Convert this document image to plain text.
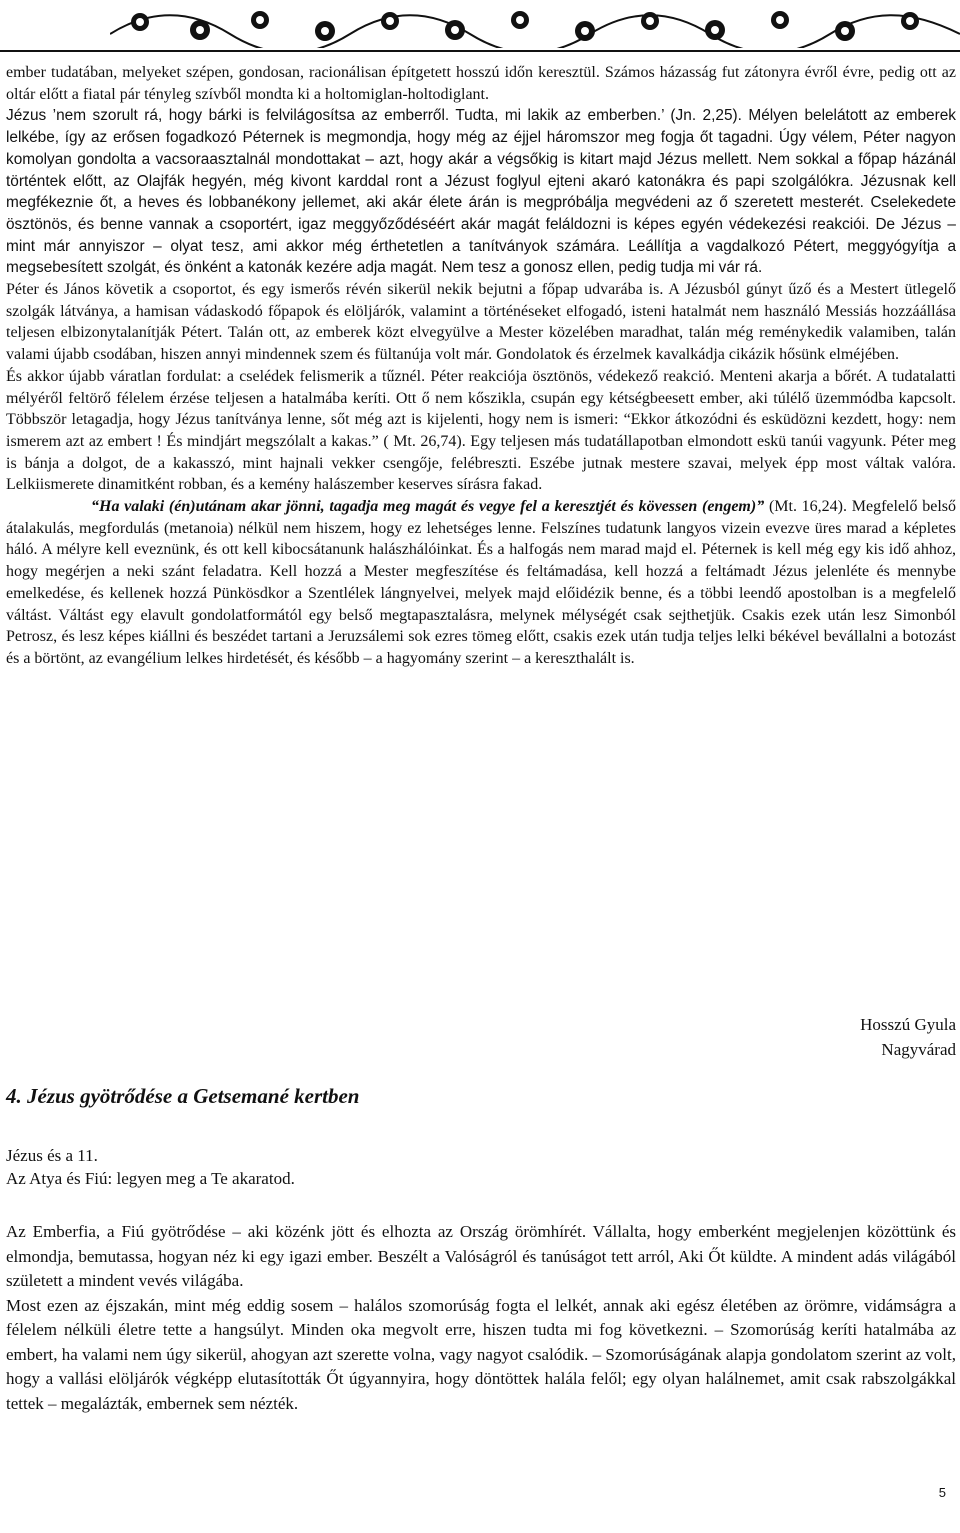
ember tudatában, melyeket szépen, gondosan, racionálisan építgetett hosszú időn keresztül. Számos házasság fut zátonyra évről évre, pedig ott az oltár előtt a fiatal pár tényleg szívből mondta ki a holtomiglan-holtodiglant.

Jézus ’nem szorult rá, hogy bárki is felvilágosítsa az emberről. Tudta, mi lakik az emberben.’ (Jn. 2,25). Mélyen belelátott az emberek lelkébe, így az erősen fogadkozó Péternek is megmondja, hogy még az éjjel háromszor meg fogja őt tagadni. Úgy vélem, Péter nagyon komolyan gondolta a vacsoraasztalnál mondottakat – azt, hogy akár a végsőkig is kitart majd Jézus mellett. Nem sokkal a főpap házánál történtek előtt, az Olajfák hegyén, még kivont karddal ront a Jézust foglyul ejteni akaró katonákra és papi szolgálókra. Jézusnak kell megfékeznie őt, a heves és lobbanékony jellemet, aki akár élete árán is megpróbálja megvédeni az ő szeretett mesterét. Cselekedete ösztönös, és benne vannak a csoportért, igaz meggyőződéséért akár magát feláldozni is képes egyén védekezési reakciói. De Jézus – mint már annyiszor – olyat tesz, ami akkor még érthetetlen a tanítványok számára. Leállítja a vagdalkozó Pétert, meggyógyítja a megsebesített szolgát, és önként a katonák kezére adja magát. Nem tesz a gonosz ellen, pedig tudja mi vár rá.

Péter és János követik a csoportot, és egy ismerős révén sikerül nekik bejutni a főpap udvarába is. A Jézusból gúnyt űző és a Mestert ütlegelő szolgák látványa, a hamisan vádaskodó főpapok és elöljárók, valamint a történéseket elfogadó, isteni hatalmát nem használó Messiás hozzáállása teljesen elbizonytalanítják Pétert. Talán ott, az emberek közt elvegyülve a Mester közelében maradhat, talán még reménykedik valamiben, talán valami újabb csodában, hiszen annyi mindennek szem és fültanúja volt már. Gondolatok és érzelmek kavalkádja cikázik hősünk elméjében.

És akkor újabb váratlan fordulat: a cselédek felismerik a tűznél. Péter reakciója ösztönös, védekező reakció. Menteni akarja a bőrét. A tudatalatti mélyéről feltörő félelem érzése teljesen a hatalmába keríti. Ott ő nem kőszikla, csupán egy kétségbeesett ember, aki túlélő üzemmódba kapcsolt. Többször letagadja, hogy Jézus tanítványa lenne, sőt még azt is kijelenti, hogy nem is ismeri: “Ekkor átkozódni és esküdözni kezdett, hogy: nem ismerem azt az embert ! És mindjárt megszólalt a kakas.” ( Mt. 26,74). Egy teljesen más tudatállapotban elmondott eskü tanúi vagyunk. Péter meg is bánja a dolgot, de a kakasszó, mint hajnali vekker csengője, felébreszti. Eszébe jutnak mestere szavai, melyek épp most váltak valóra. Lelkiismerete dinamitként robban, és a kemény halászember keserves sírásra fakad.

“Ha valaki (én)utánam akar jönni, tagadja meg magát és vegye fel a keresztjét és kövessen (engem)” (Mt. 16,24). Megfelelő belső átalakulás, megfordulás (metanoia) nélkül nem hiszem, hogy ez lehetséges lenne. Felszínes tudatunk langyos vizein evezve üres marad a képletes háló. A mélyre kell eveznünk, és ott kell kibocsátanunk halászhálóinkat. És a halfogás nem marad majd el. Péternek is kell még egy kis idő ahhoz, hogy megérjen a neki szánt feladatra. Kell hozzá a Mester megfeszítése és feltámadása, kell hozzá a feltámadt Jézus jelenléte és mennybe emelkedése, és kellenek hozzá Pünkösdkor a Szentlélek lángnyelvei, melyek majd előidézik benne, és a többi leendő apostolban is a megfelelő váltást. Váltást egy elavult gondolatformától egy belső megtapasztalásra, melynek mélységét csak sejthetjük. Csakis ezek után lesz Simonból Petrosz, és lesz képes kiállni és beszédet tartani a Jeruzsálemi sok ezres tömeg előtt, csakis ezek után tudja teljes lelki békével bevállalni a botozást és a börtönt, az evangélium lelkes hirdetését, és később – a hagyomány szerint – a kereszthalált is.

Hosszú Gyula
Nagyvárad
4. Jézus gyötrődése a Getsemané kertben
Jézus és a 11.
Az Atya és Fiú: legyen meg a Te akaratod.

Az Emberfia, a Fiú gyötrődése – aki közénk jött és elhozta az Ország örömhírét. Vállalta, hogy emberként megjelenjen közöttünk és elmondja, bemutassa, hogyan néz ki egy igazi ember. Beszélt a Valóságról és tanúságot tett arról, Aki Őt küldte. A mindent adás világából született a mindent vevés világába.

Most ezen az éjszakán, mint még eddig sosem – halálos szomorúság fogta el lelkét, annak aki egész életében az örömre, vidámságra a félelem nélküli életre tette a hangsúlyt. Minden oka megvolt erre, hiszen tudta mi fog következni. – Szomorúság keríti hatalmába az embert, ha valami nem úgy sikerül, ahogyan azt szerette volna, vagy nagyot csalódik. – Szomorúságának alapja gondolatom szerint az volt, hogy a vallási elöljárók végképp elutasították Őt úgyannyira, hogy döntöttek halála felől; egy olyan halálnemet, amit csak rabszolgákkal tettek – megalázták, embernek sem nézték.

5
